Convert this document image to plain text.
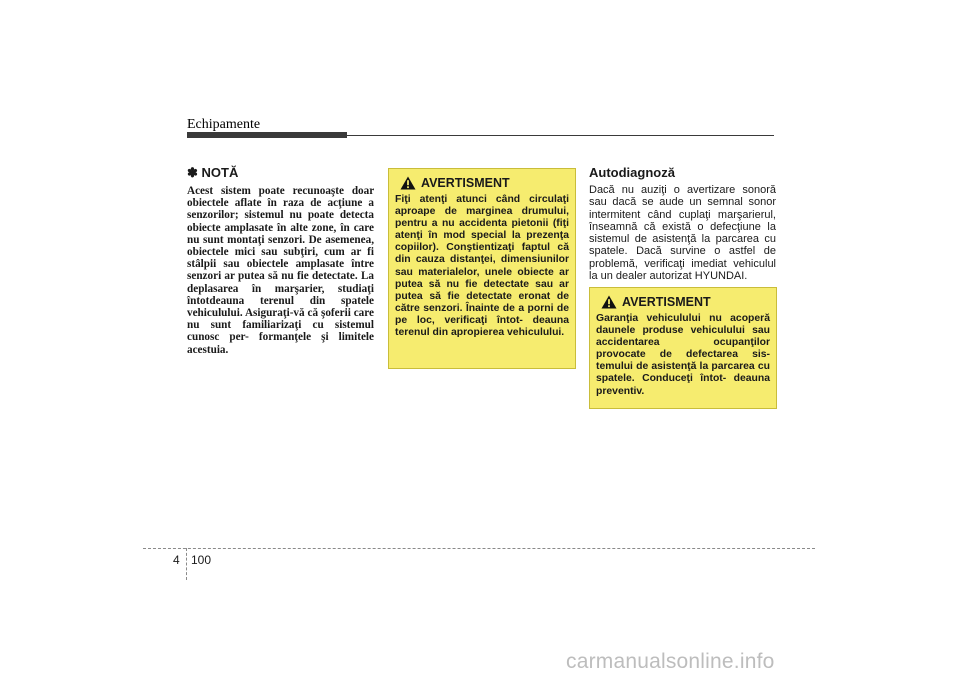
Echipamente
✽ NOTĂ

Acest sistem poate recunoaşte doar obiectele aflate în raza de acţiune a senzorilor; sistemul nu poate detecta obiecte amplasate în alte zone, în care nu sunt montaţi senzori. De asemenea, obiectele mici sau subţiri, cum ar fi stâlpii sau obiectele amplasate între senzori ar putea să nu fie detectate. La deplasarea în marşarier, studiaţi întotdeauna terenul din spatele vehiculului. Asiguraţi-vă că şoferii care nu sunt familiarizaţi cu sistemul cunosc per- formanţele şi limitele acestuia.

AVERTISMENT

Fiţi atenţi atunci când circulaţi aproape de marginea drumului, pentru a nu accidenta pietonii (fiţi atenţi în mod special la prezenţa copiilor). Conştientizaţi faptul că din cauza distanţei, dimensiunilor sau materialelor, unele obiecte ar putea să nu fie detectate sau ar putea să fie detectate eronat de către senzori. Înainte de a porni de pe loc, verificaţi întot- deauna terenul din apropierea vehiculului.

Autodiagnoză

Dacă nu auziţi o avertizare sonoră sau dacă se aude un semnal sonor intermitent când cuplaţi marşarierul, înseamnă că există o defecţiune la sistemul de asistenţă la parcarea cu spatele. Dacă survine o astfel de problemă, verificaţi imediat vehiculul la un dealer autorizat HYUNDAI.

AVERTISMENT

Garanţia vehiculului nu acoperă daunele produse vehiculului sau accidentarea ocupanţilor provocate de defectarea sis- temului de asistenţă la parcarea cu spatele. Conduceţi întot- deauna preventiv.

4 100
carmanualsonline.info
